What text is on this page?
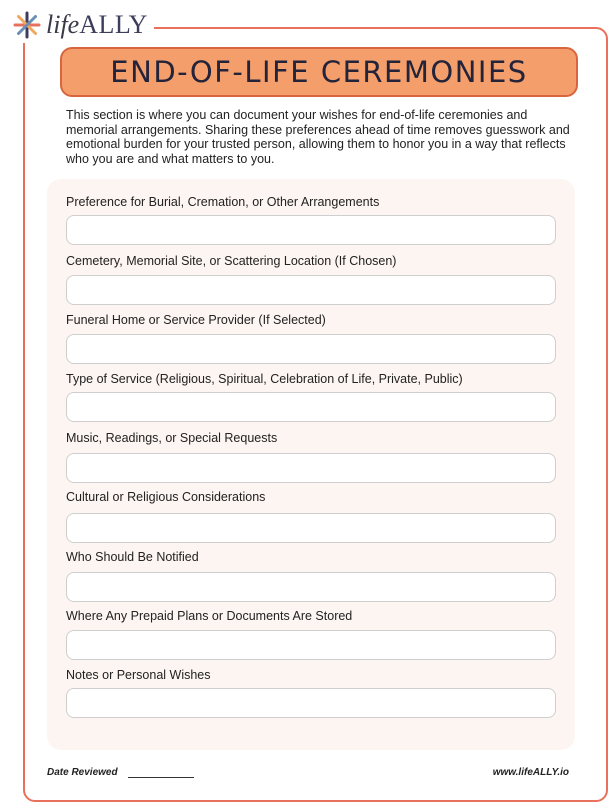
lifeALLY
END-OF-LIFE CEREMONIES
This section is where you can document your wishes for end-of-life ceremonies and memorial arrangements. Sharing these preferences ahead of time removes guesswork and emotional burden for your trusted person, allowing them to honor you in a way that reflects who you are and what matters to you.
Preference for Burial, Cremation, or Other Arrangements
Cemetery, Memorial Site, or Scattering Location (If Chosen)
Funeral Home or Service Provider (If Selected)
Type of Service (Religious, Spiritual, Celebration of Life, Private, Public)
Music, Readings, or Special Requests
Cultural or Religious Considerations
Who Should Be Notified
Where Any Prepaid Plans or Documents Are Stored
Notes or Personal Wishes
Date Reviewed	www.lifeALLY.io
